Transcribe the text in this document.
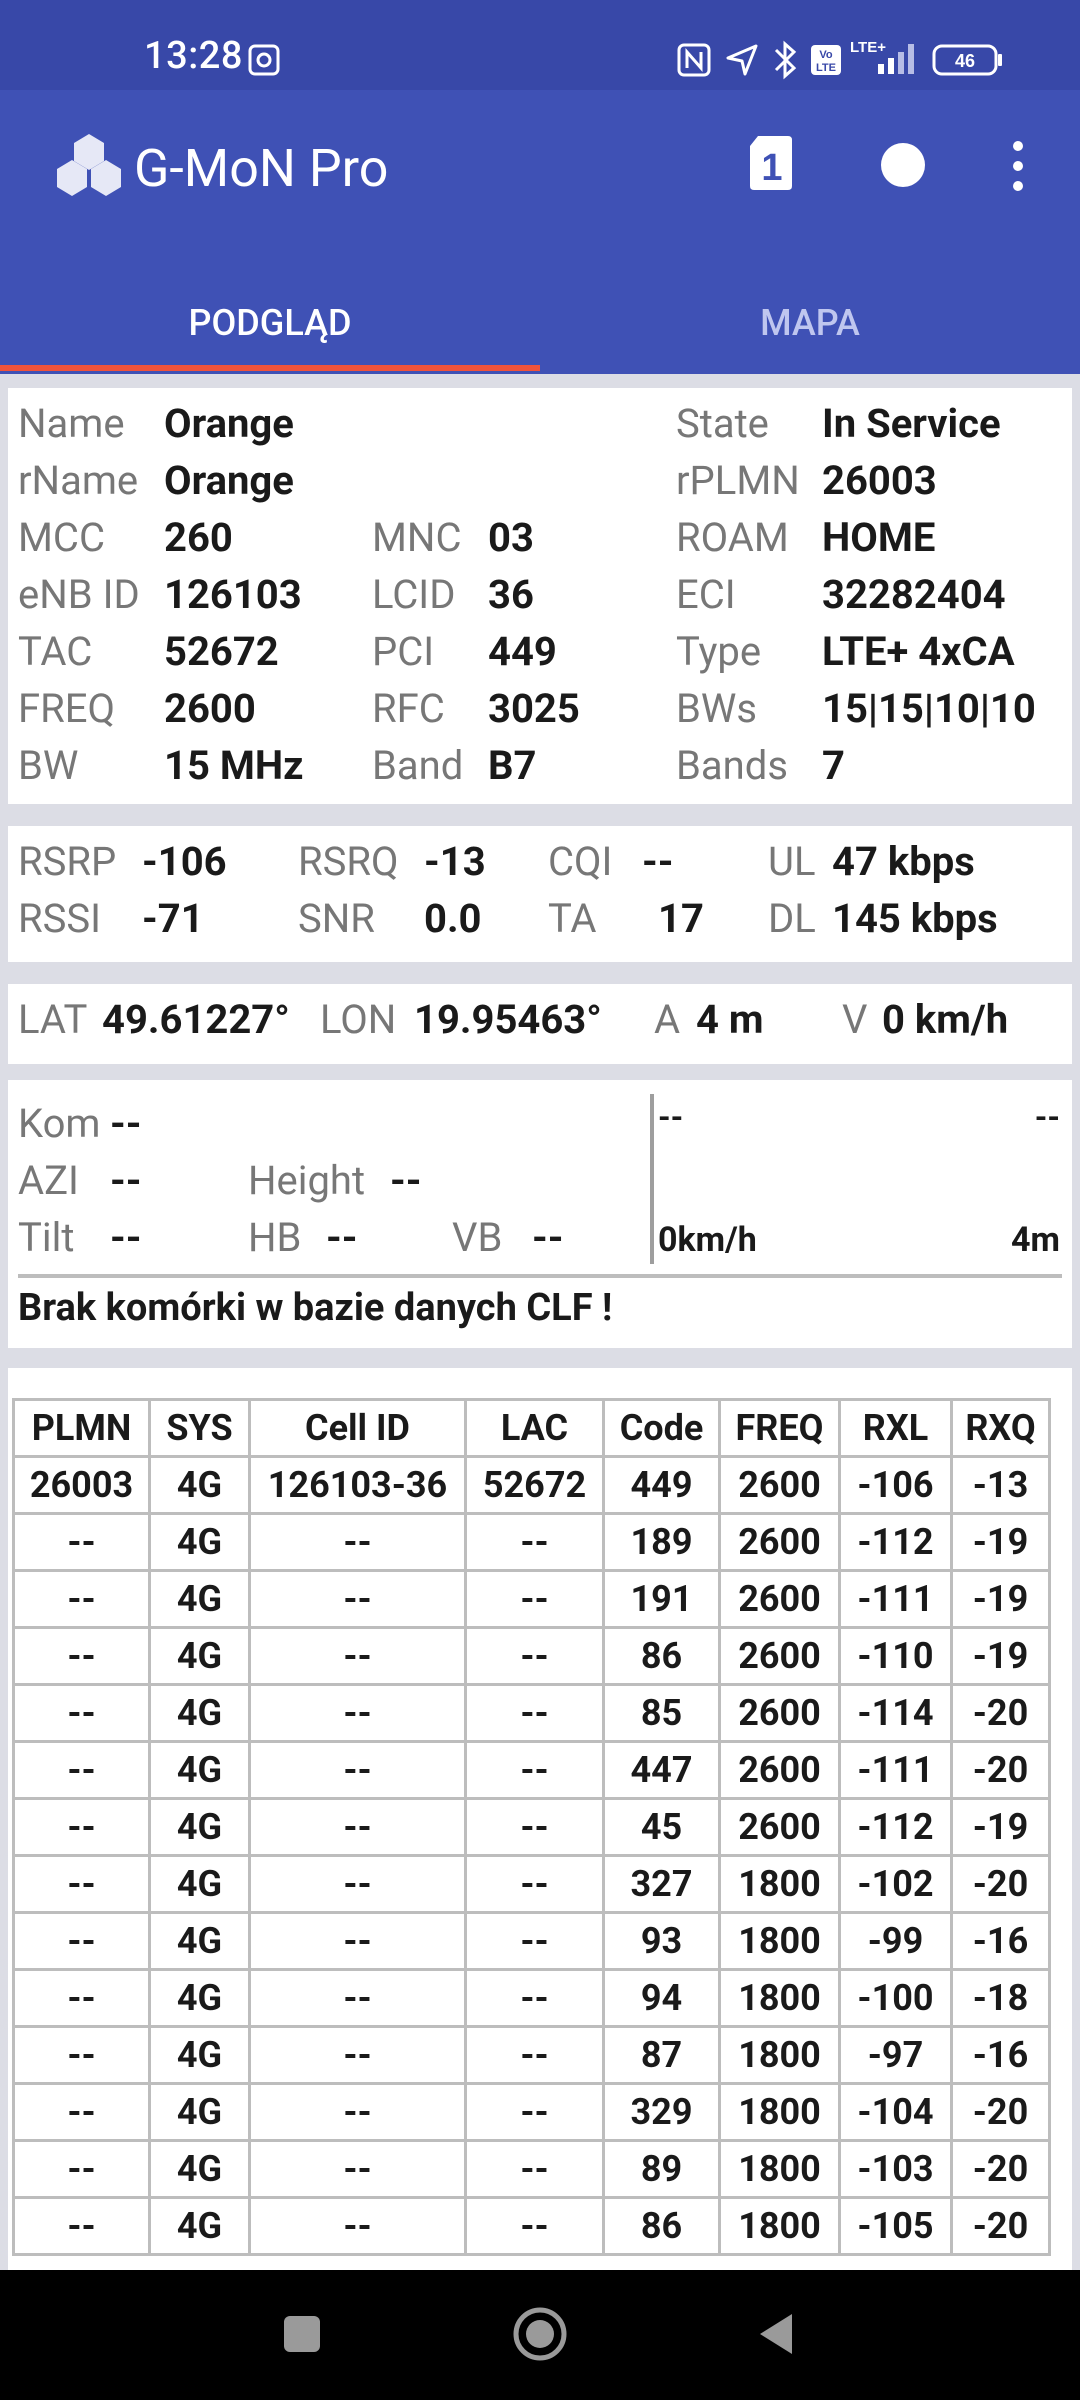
13:28	Vo
LTE
LTE+
46
G-MoN Pro	1
PODGLĄD	MAPA
Name Orange	State In Service
rName Orange	rPLMN 26003
MCC 260	MNC 03	ROAM HOME
eNB ID 126103 LCID 36	ECI 32282404
TAC 52672 PCI 449	Type LTE+ 4xCA
FREQ 2600	RFC 3025 BWs 15|15|10|10
BW 15 MHz Band B7	Bands 7
RSRP -106 RSRQ -13 CQI -- UL 47 kbps
RSSI -71 SNR 0.0 TA 17 DL 145 kbps
LAT 49.61227° LON 19.95463° A 4 m V 0 km/h
Kom --
AZI --	Height --
Tilt --	HB -- VB --
--	--
0km/h	4m
Brak komórki w bazie danych CLF !
PLMN	SYS	Cell ID	LAC	Code	FREQ	RXL	RXQ
26003	4G	126103-36	52672	449	2600	-106	-13
--	4G	--	--	189	2600	-112	-19
--	4G	--	--	191	2600	-111	-19
--	4G	--	--	86	2600	-110	-19
--	4G	--	--	85	2600	-114	-20
--	4G	--	--	447	2600	-111	-20
--	4G	--	--	45	2600	-112	-19
--	4G	--	--	327	1800	-102	-20
--	4G	--	--	93	1800	-99	-16
--	4G	--	--	94	1800	-100	-18
--	4G	--	--	87	1800	-97	-16
--	4G	--	--	329	1800	-104	-20
--	4G	--	--	89	1800	-103	-20
--	4G	--	--	86	1800	-105	-20
